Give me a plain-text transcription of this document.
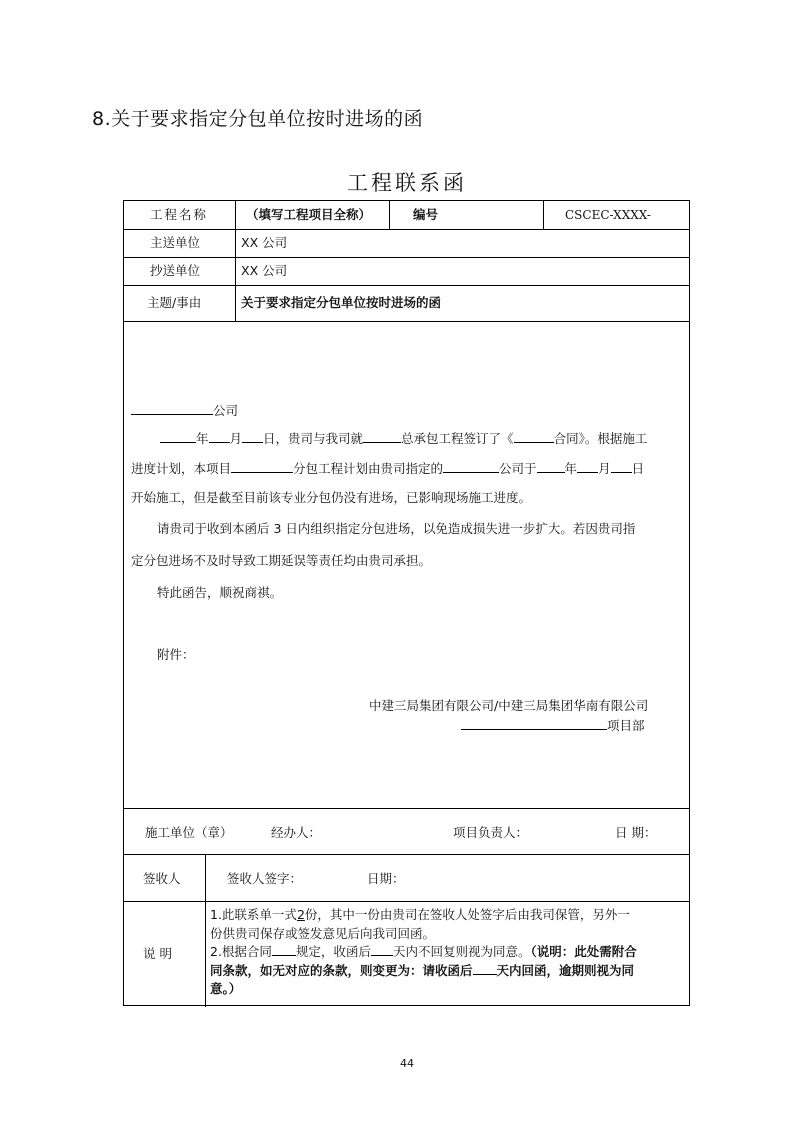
8.关于要求指定分包单位按时进场的函
工程联系函
工程名称	（填写工程项目全称）	编号	CSCEC-XXXX-
主送单位	XX 公司
抄送单位	XX 公司
主题/事由	关于要求指定分包单位按时进场的函
公司
年 月 日，贵司与我司就	总承包工程签订了《	合同》。根据施工
进度计划，本项目	分包工程计划由贵司指定的	公司于 年 月 日
开始施工，但是截至目前该专业分包仍没有进场，已影响现场施工进度。
请贵司于收到本函后 3 日内组织指定分包进场，以免造成损失进一步扩大。若因贵司指
定分包进场不及时导致工期延误等责任均由贵司承担。
特此函告，顺祝商祺。
附件：
中建三局集团有限公司/中建三局集团华南有限公司
项目部
施工单位（章）	经办人：	项目负责人：	日 期：
签收人	签收人签字：	日期：
说 明

1.此联系单一式2份，其中一份由贵司在签收人处签字后由我司保管，另外一

份供贵司保存或签发意见后向我司回函。

2.根据合同 规定，收函后 天内不回复则视为同意。（说明：此处需附合

同条款，如无对应的条款，则变更为：请收函后 天内回函，逾期则视为同

意。）

44
